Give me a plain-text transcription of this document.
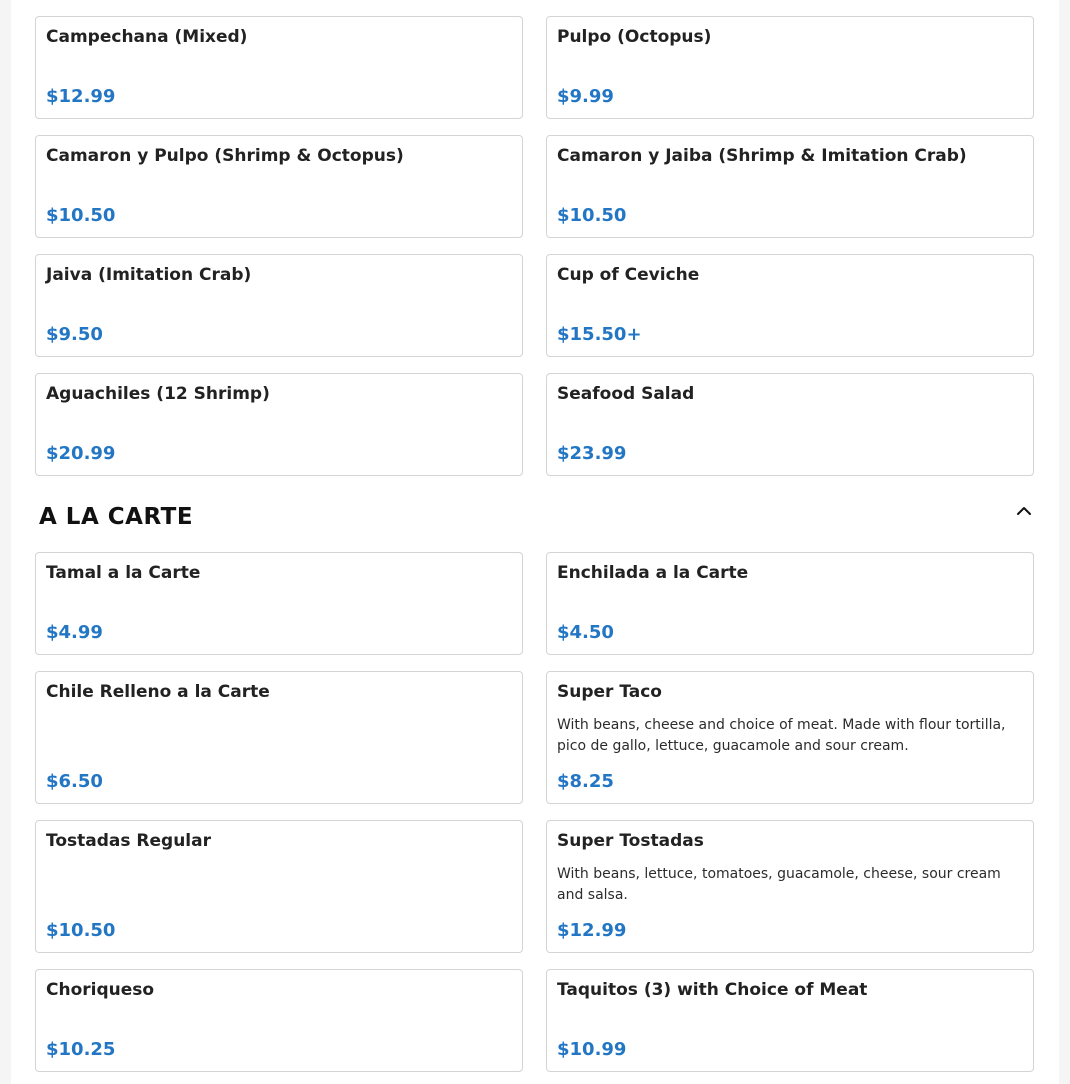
Campechana (Mixed)
$12.99
Pulpo (Octopus)
$9.99
Camaron y Pulpo (Shrimp & Octopus)
$10.50
Camaron y Jaiba (Shrimp & Imitation Crab)
$10.50
Jaiva (Imitation Crab)
$9.50
Cup of Ceviche
$15.50+
Aguachiles (12 Shrimp)
$20.99
Seafood Salad
$23.99
A LA CARTE
Tamal a la Carte
$4.99
Enchilada a la Carte
$4.50
Chile Relleno a la Carte
$6.50
Super Taco
With beans, cheese and choice of meat. Made with flour tortilla, pico de gallo, lettuce, guacamole and sour cream.
$8.25
Tostadas Regular
$10.50
Super Tostadas
With beans, lettuce, tomatoes, guacamole, cheese, sour cream and salsa.
$12.99
Choriqueso
$10.25
Taquitos (3) with Choice of Meat
$10.99
